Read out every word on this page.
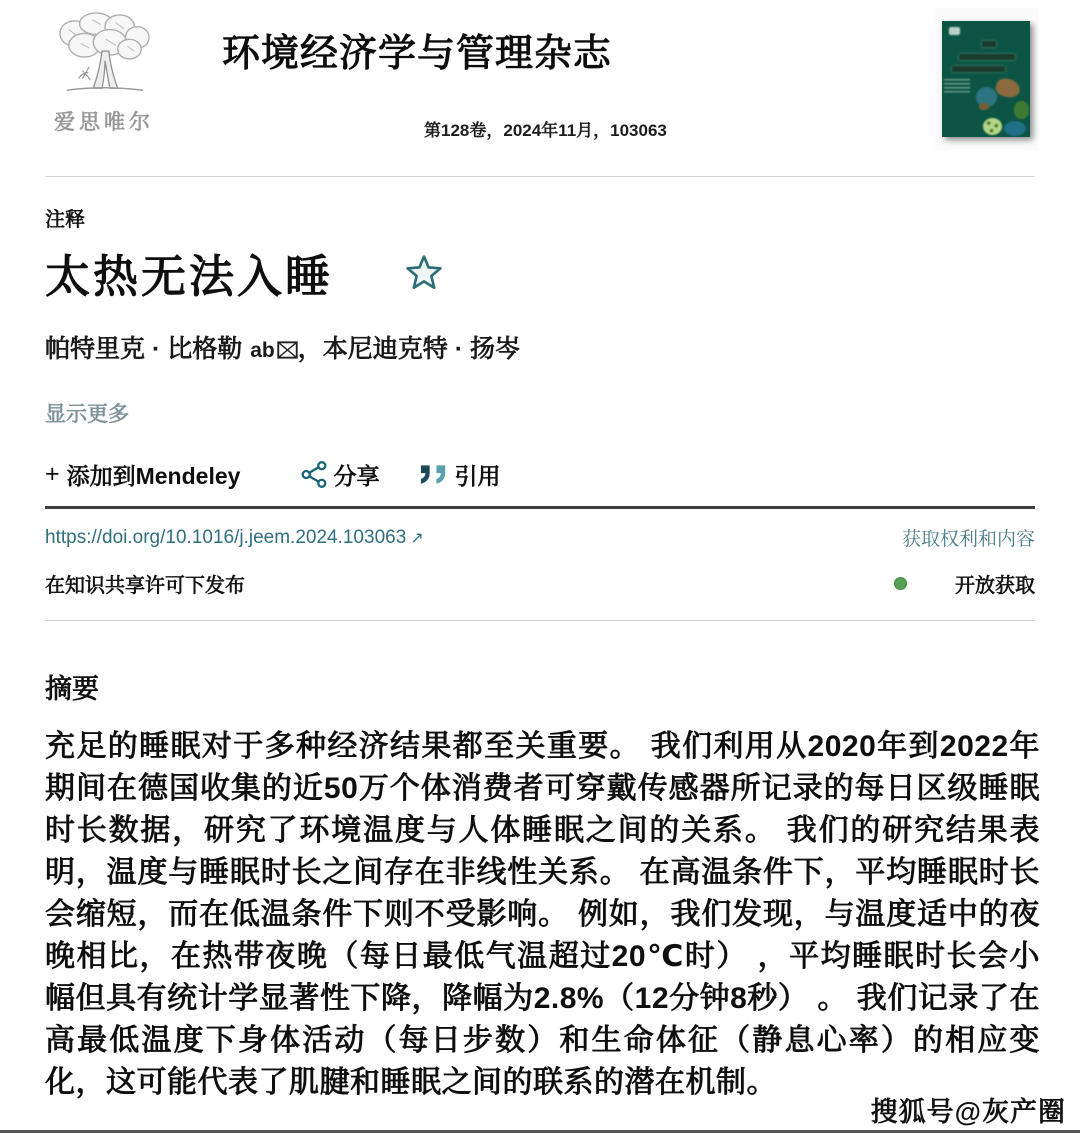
爱思唯尔
环境经济学与管理杂志
第128卷，2024年11月，103063
注释
太热无法入睡
帕特里克 · 比格勒 ab ，本尼迪克特 · 扬岑
显示更多
+ 添加到Mendeley	分享	引用
https://doi.org/10.1016/j.jeem.2024.103063 ↗	获取权利和内容
在知识共享许可下发布	开放获取
摘要

充足的睡眠对于多种经济结果都至关重要。 我们利用从2020年到2022年期间在德国收集的近50万个体消费者可穿戴传感器所记录的每日区级睡眠时长数据，研究了环境温度与人体睡眠之间的关系。 我们的研究结果表明，温度与睡眠时长之间存在非线性关系。 在高温条件下，平均睡眠时长会缩短，而在低温条件下则不受影响。 例如，我们发现，与温度适中的夜晚相比，在热带夜晚（每日最低气温超过20℃时） ，平均睡眠时长会小幅但具有统计学显著性下降，降幅为2.8%（12分钟8秒） 。 我们记录了在高最低温度下身体活动（每日步数）和生命体征（静息心率）的相应变化，这可能代表了肌腱和睡眠之间的联系的潜在机制。

搜狐号@灰产圈
